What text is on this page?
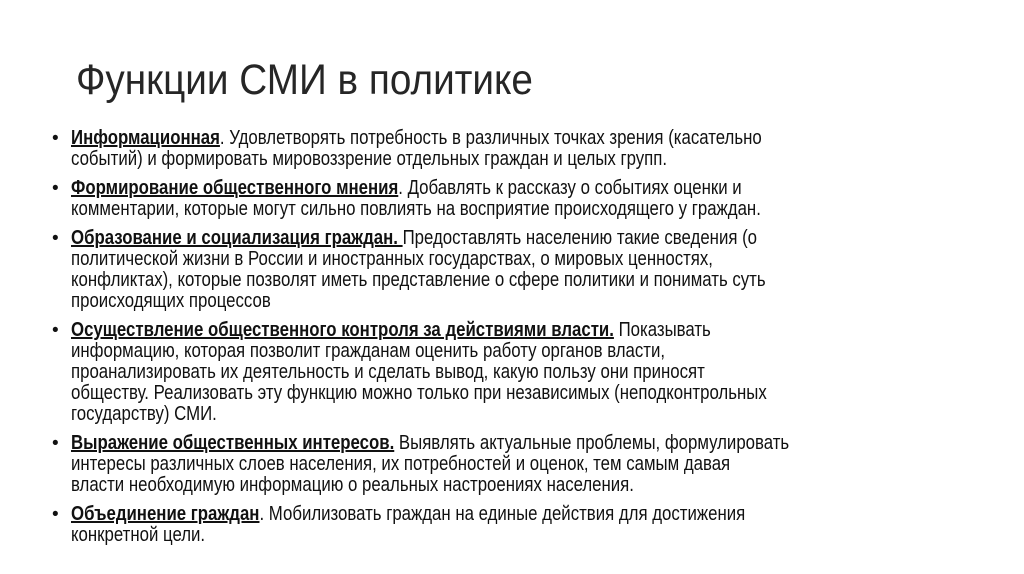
Функции СМИ в политике
• Информационная. Удовлетворять потребность в различных точках зрения (касательно
событий) и формировать мировоззрение отдельных граждан и целых групп.
• Формирование общественного мнения. Добавлять к рассказу о событиях оценки и
комментарии, которые могут сильно повлиять на восприятие происходящего у граждан.
• Образование и социализация граждан. Предоставлять населению такие сведения (о
политической жизни в России и иностранных государствах, о мировых ценностях,
конфликтах), которые позволят иметь представление о сфере политики и понимать суть
происходящих процессов
• Осуществление общественного контроля за действиями власти. Показывать
информацию, которая позволит гражданам оценить работу органов власти,
проанализировать их деятельность и сделать вывод, какую пользу они приносят
обществу. Реализовать эту функцию можно только при независимых (неподконтрольных
государству) СМИ.
• Выражение общественных интересов. Выявлять актуальные проблемы, формулировать
интересы различных слоев населения, их потребностей и оценок, тем самым давая
власти необходимую информацию о реальных настроениях населения.
• Объединение граждан. Мобилизовать граждан на единые действия для достижения
конкретной цели.
